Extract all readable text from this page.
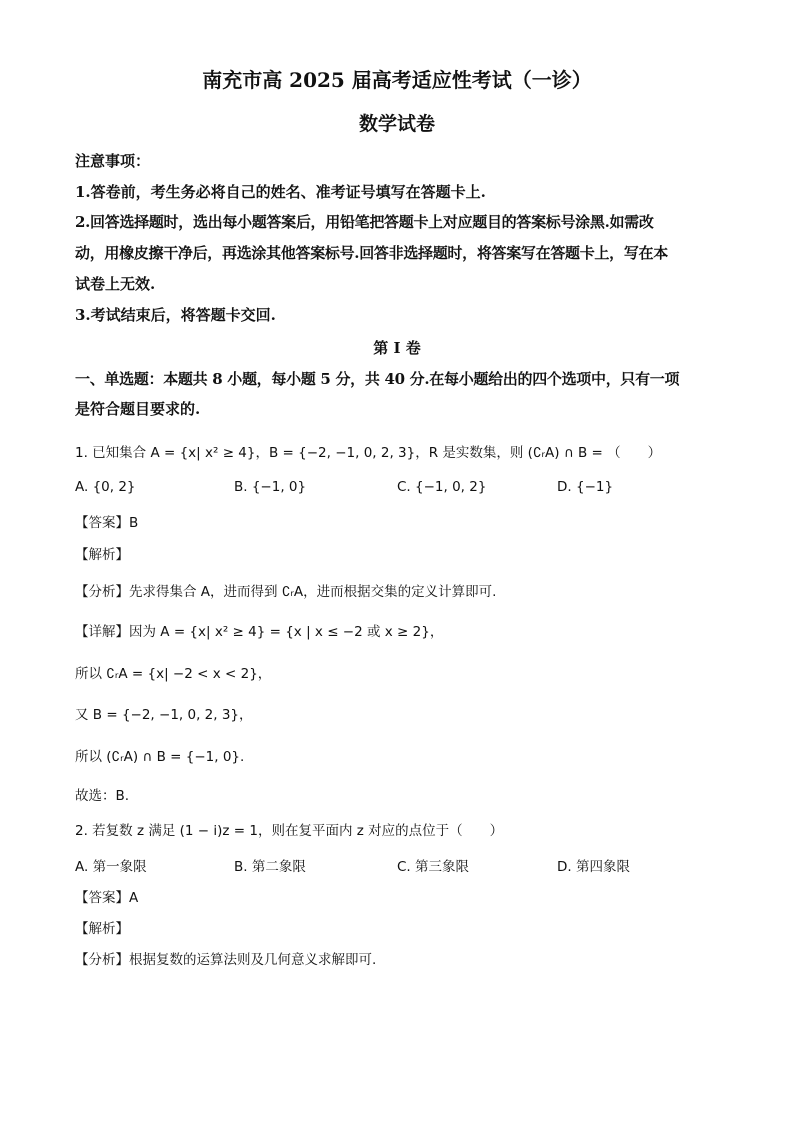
南充市高 2025 届高考适应性考试（一诊）
数学试卷
注意事项：
1.答卷前，考生务必将自己的姓名、准考证号填写在答题卡上.
2.回答选择题时，选出每小题答案后，用铅笔把答题卡上对应题目的答案标号涂黑.如需改
动，用橡皮擦干净后，再选涂其他答案标号.回答非选择题时，将答案写在答题卡上，写在本
试卷上无效.
3.考试结束后，将答题卡交回.
第 I 卷
一、单选题：本题共 8 小题，每小题 5 分，共 40 分.在每小题给出的四个选项中，只有一项
是符合题目要求的.
1. 已知集合 A = {x| x² ≥ 4}，B = {−2, −1, 0, 2, 3}，R 是实数集，则 (∁ᵣA) ∩ B = （　　）
A. {0, 2}	B. {−1, 0}	C. {−1, 0, 2}	D. {−1}
【答案】B
【解析】
【分析】先求得集合 A，进而得到 ∁ᵣA，进而根据交集的定义计算即可.
【详解】因为 A = {x| x² ≥ 4} = {x | x ≤ −2 或 x ≥ 2}，
所以 ∁ᵣA = {x| −2 < x < 2}，
又 B = {−2, −1, 0, 2, 3}，
所以 (∁ᵣA) ∩ B = {−1, 0}.
故选：B.
2. 若复数 z 满足 (1 − i)z = 1，则在复平面内 z 对应的点位于（　　）
A. 第一象限	B. 第二象限	C. 第三象限	D. 第四象限
【答案】A
【解析】
【分析】根据复数的运算法则及几何意义求解即可.
